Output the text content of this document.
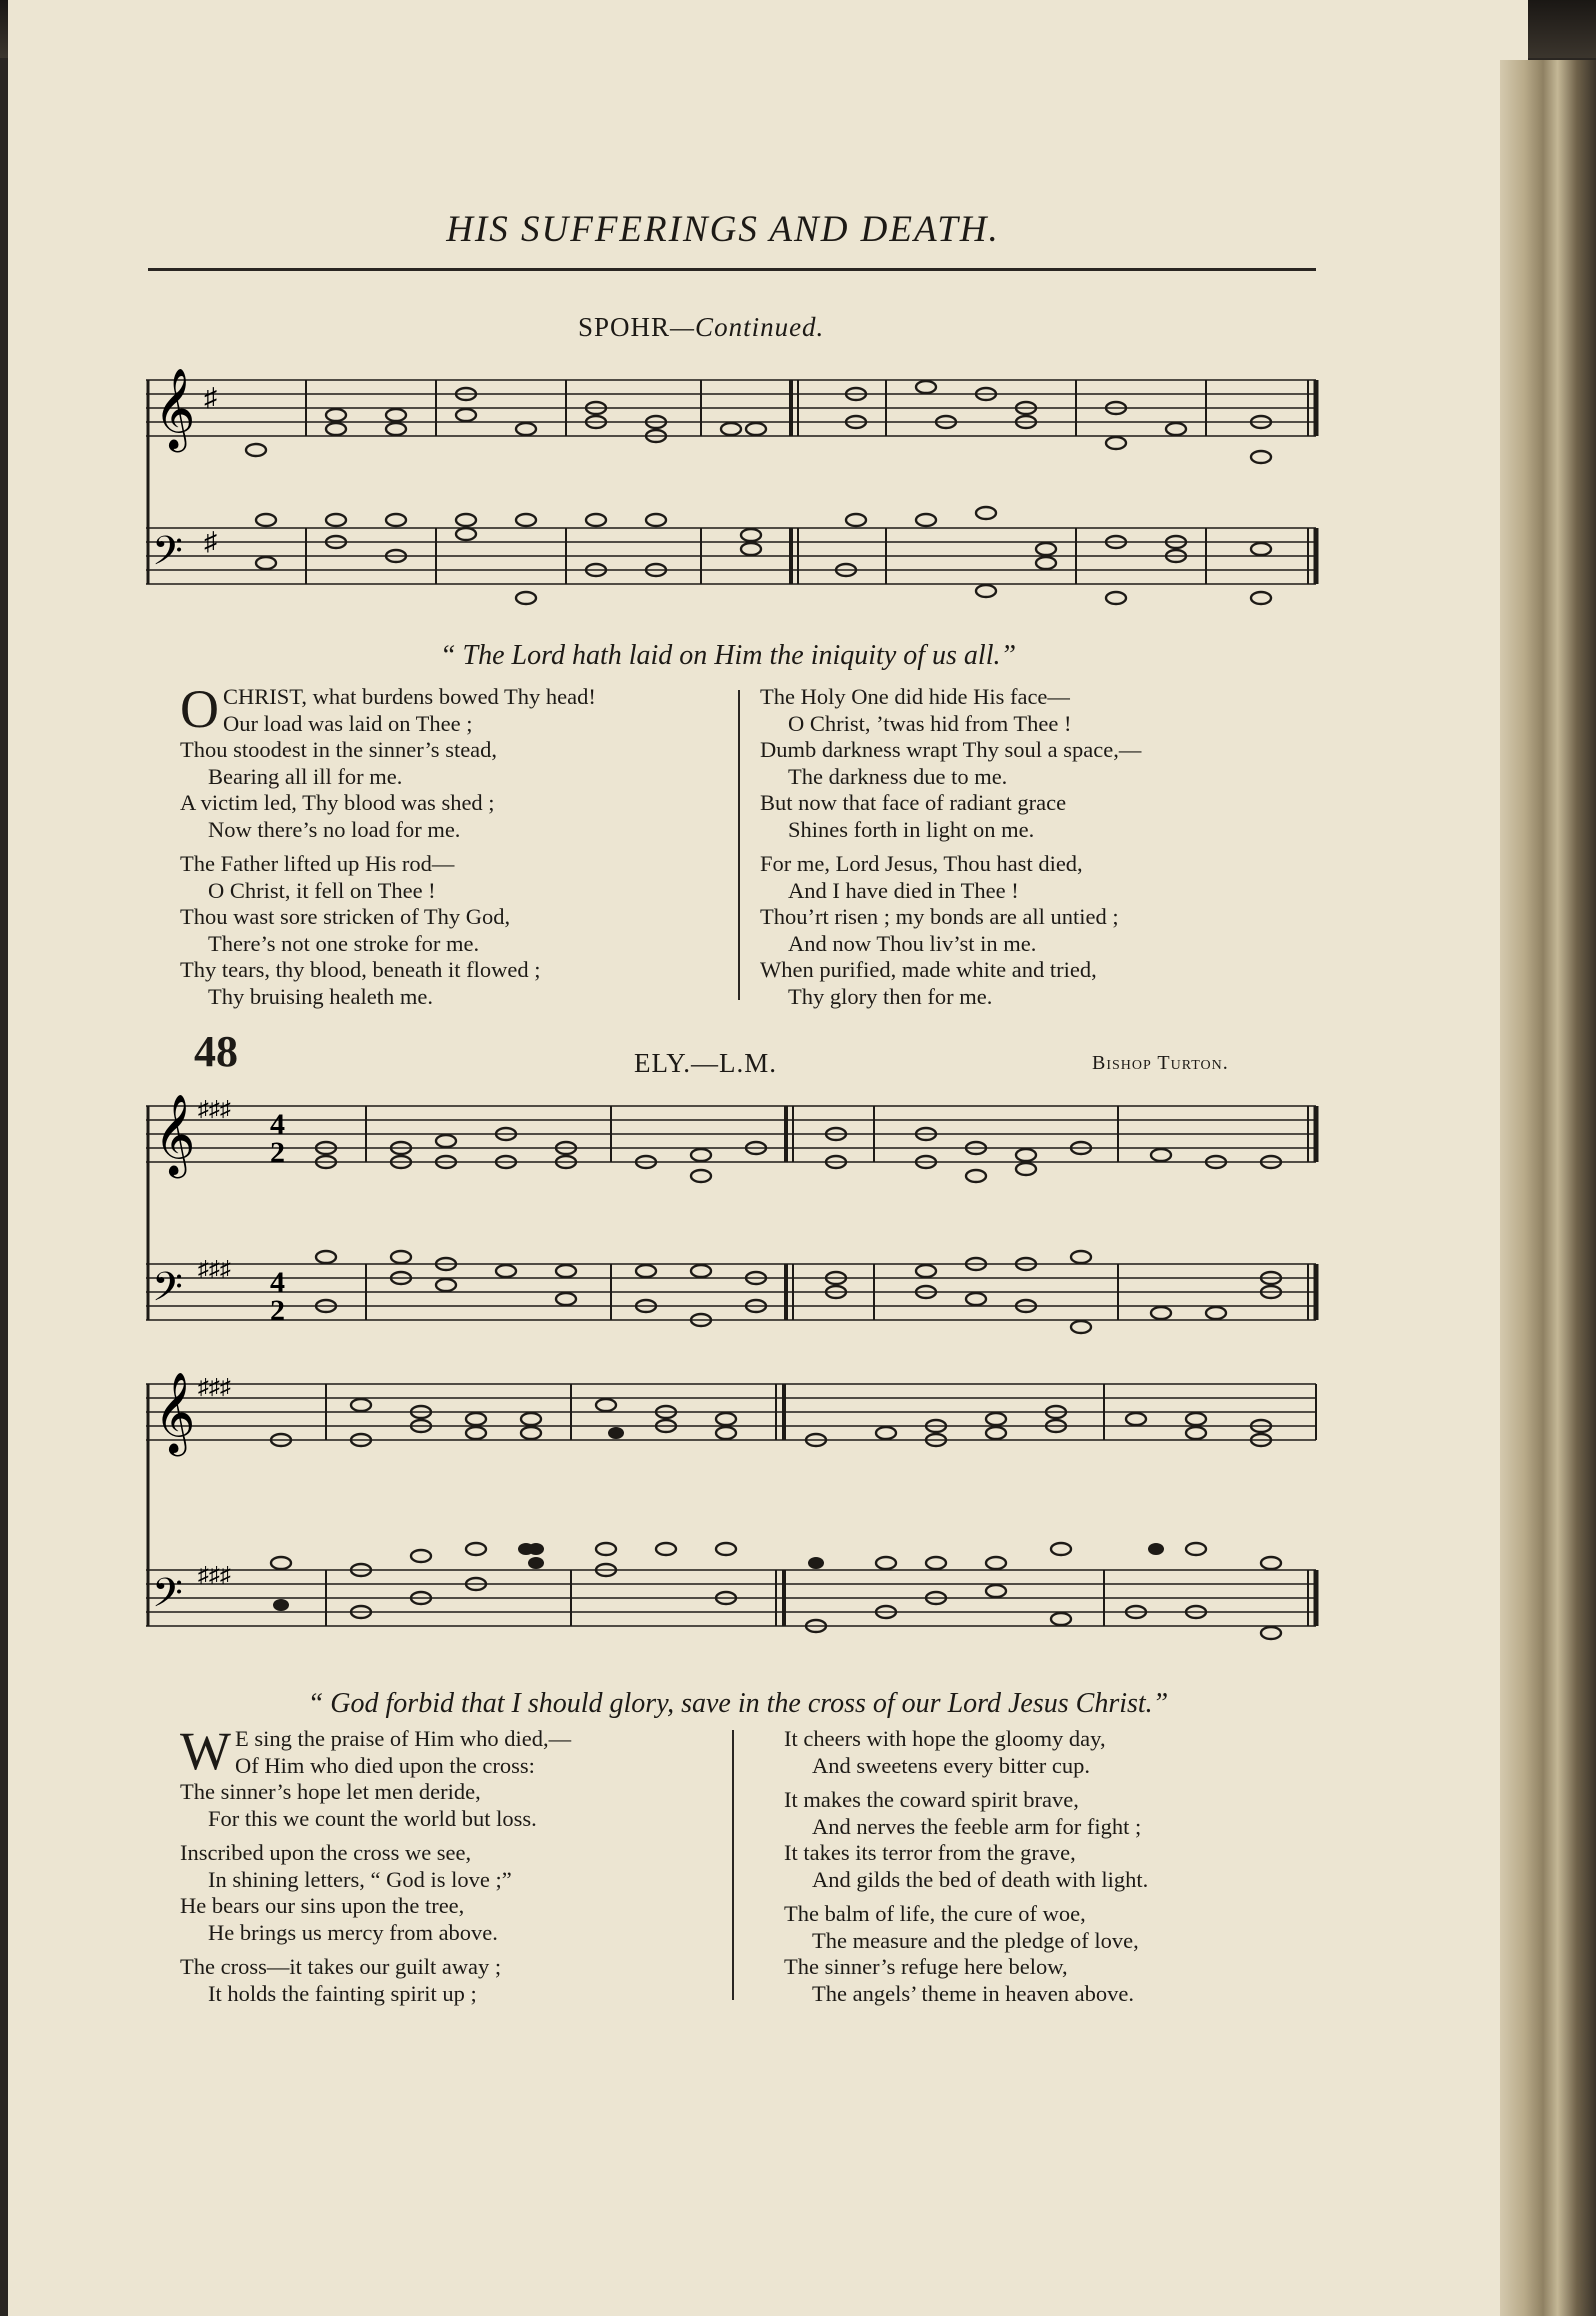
HIS SUFFERINGS AND DEATH.
SPOHR—Continued.
𝄞
𝄢
♯
♯
“ The Lord hath laid on Him the iniquity of us all.”
OCHRIST, what burdens bowed Thy head!
Our load was laid on Thee ;
Thou stoodest in the sinner’s stead,
Bearing all ill for me.
A victim led, Thy blood was shed ;
Now there’s no load for me.
The Father lifted up His rod—
O Christ, it fell on Thee !
Thou wast sore stricken of Thy God,
There’s not one stroke for me.
Thy tears, thy blood, beneath it flowed ;
Thy bruising healeth me.
The Holy One did hide His face—
O Christ, ’twas hid from Thee !
Dumb darkness wrapt Thy soul a space,—
The darkness due to me.
But now that face of radiant grace
Shines forth in light on me.
For me, Lord Jesus, Thou hast died,
And I have died in Thee !
Thou’rt risen ; my bonds are all untied ;
And now Thou liv’st in me.
When purified, made white and tried,
Thy glory then for me.
48	ELY.—L.M.	Bishop Turton.
𝄞
𝄢
♯♯♯
♯♯♯
4
2
4
2
𝄞
𝄢
♯♯♯
♯♯♯
“ God forbid that I should glory, save in the cross of our Lord Jesus Christ.”
W E sing the praise of Him who died,—
Of Him who died upon the cross:
The sinner’s hope let men deride,
For this we count the world but loss.
Inscribed upon the cross we see,
In shining letters, “ God is love ;”
He bears our sins upon the tree,
He brings us mercy from above.
The cross—it takes our guilt away ;
It holds the fainting spirit up ;
It cheers with hope the gloomy day,
And sweetens every bitter cup.
It makes the coward spirit brave,
And nerves the feeble arm for fight ;
It takes its terror from the grave,
And gilds the bed of death with light.
The balm of life, the cure of woe,
The measure and the pledge of love,
The sinner’s refuge here below,
The angels’ theme in heaven above.
